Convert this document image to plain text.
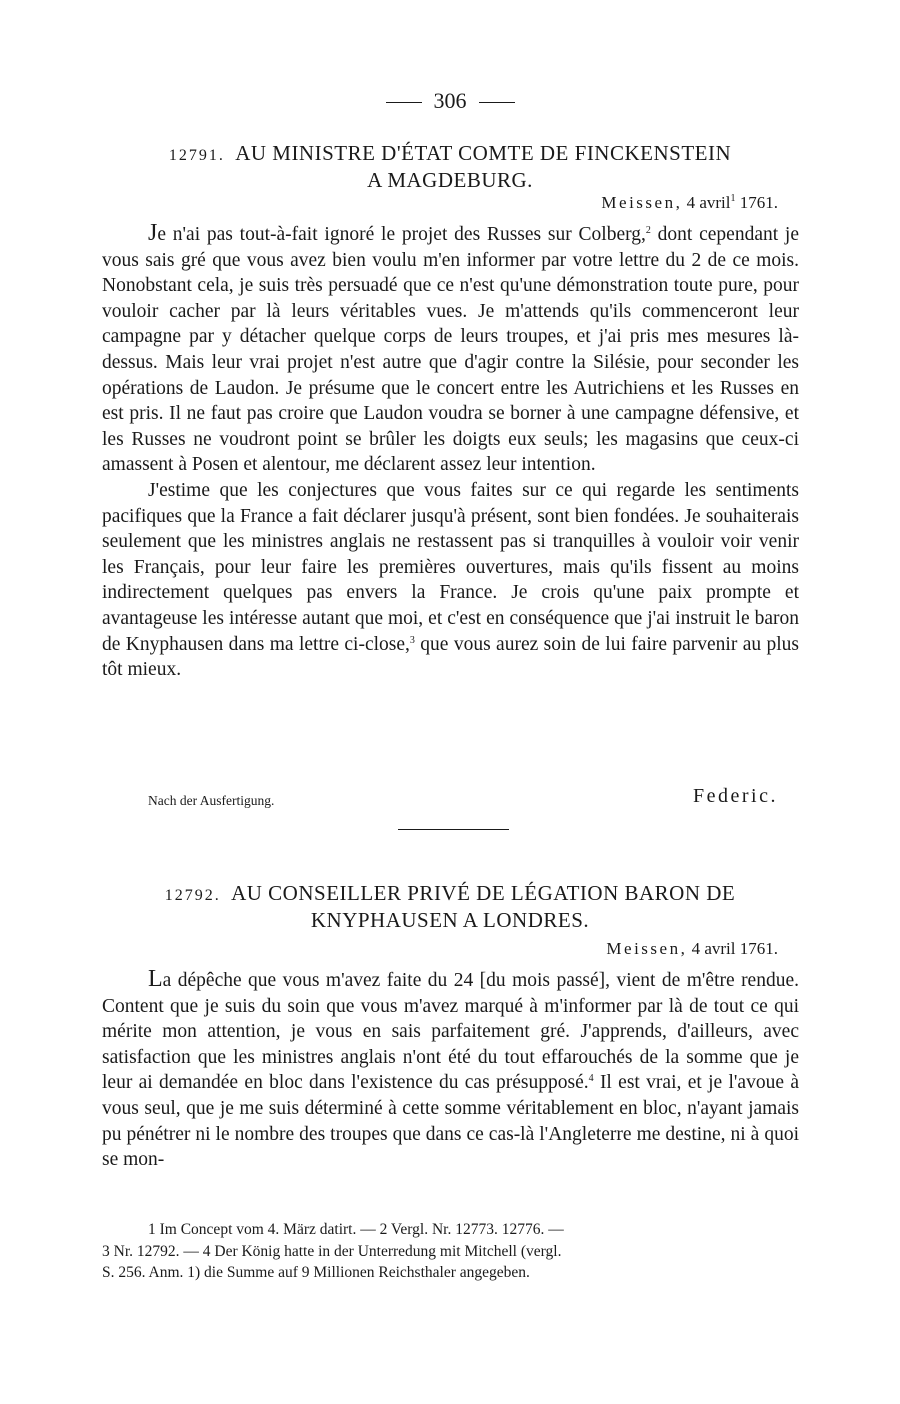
306
12791. AU MINISTRE D'ÉTAT COMTE DE FINCKENSTEIN
A MAGDEBURG.
Meissen, 4 avril$^1$ 1761.

Je n'ai pas tout-à-fait ignoré le projet des Russes sur Colberg,$^2$ dont cependant je vous sais gré que vous avez bien voulu m'en informer par votre lettre du 2 de ce mois. Nonobstant cela, je suis très persuadé que ce n'est qu'une démonstration toute pure, pour vouloir cacher par là leurs véritables vues. Je m'attends qu'ils commenceront leur campagne par y détacher quelque corps de leurs troupes, et j'ai pris mes mesures là-dessus. Mais leur vrai projet n'est autre que d'agir contre la Silésie, pour seconder les opérations de Laudon. Je présume que le concert entre les Autrichiens et les Russes en est pris. Il ne faut pas croire que Laudon voudra se borner à une campagne défensive, et les Russes ne voudront point se brûler les doigts eux seuls; les magasins que ceux-ci amassent à Posen et alentour, me déclarent assez leur intention.

J'estime que les conjectures que vous faites sur ce qui regarde les sentiments pacifiques que la France a fait déclarer jusqu'à présent, sont bien fondées. Je souhaiterais seulement que les ministres anglais ne restassent pas si tranquilles à vouloir voir venir les Français, pour leur faire les premières ouvertures, mais qu'ils fissent au moins indirectement quelques pas envers la France. Je crois qu'une paix prompte et avantageuse les intéresse autant que moi, et c'est en conséquence que j'ai instruit le baron de Knyphausen dans ma lettre ci-close,$^3$ que vous aurez soin de lui faire parvenir au plus tôt mieux.

Nach der Ausfertigung.	Federic.
12792. AU CONSEILLER PRIVÉ DE LÉGATION BARON DE
KNYPHAUSEN A LONDRES.
Meissen, 4 avril 1761.

La dépêche que vous m'avez faite du 24 [du mois passé], vient de m'être rendue. Content que je suis du soin que vous m'avez marqué à m'informer par là de tout ce qui mérite mon attention, je vous en sais parfaitement gré. J'apprends, d'ailleurs, avec satisfaction que les ministres anglais n'ont été du tout effarouchés de la somme que je leur ai demandée en bloc dans l'existence du cas présupposé.$^4$ Il est vrai, et je l'avoue à vous seul, que je me suis déterminé à cette somme véritablement en bloc, n'ayant jamais pu pénétrer ni le nombre des troupes que dans ce cas-là l'Angleterre me destine, ni à quoi se mon-

1 Im Concept vom 4. März datirt. — 2 Vergl. Nr. 12773. 12776. —
3 Nr. 12792. — 4 Der König hatte in der Unterredung mit Mitchell (vergl.
S. 256. Anm. 1) die Summe auf 9 Millionen Reichsthaler angegeben.
